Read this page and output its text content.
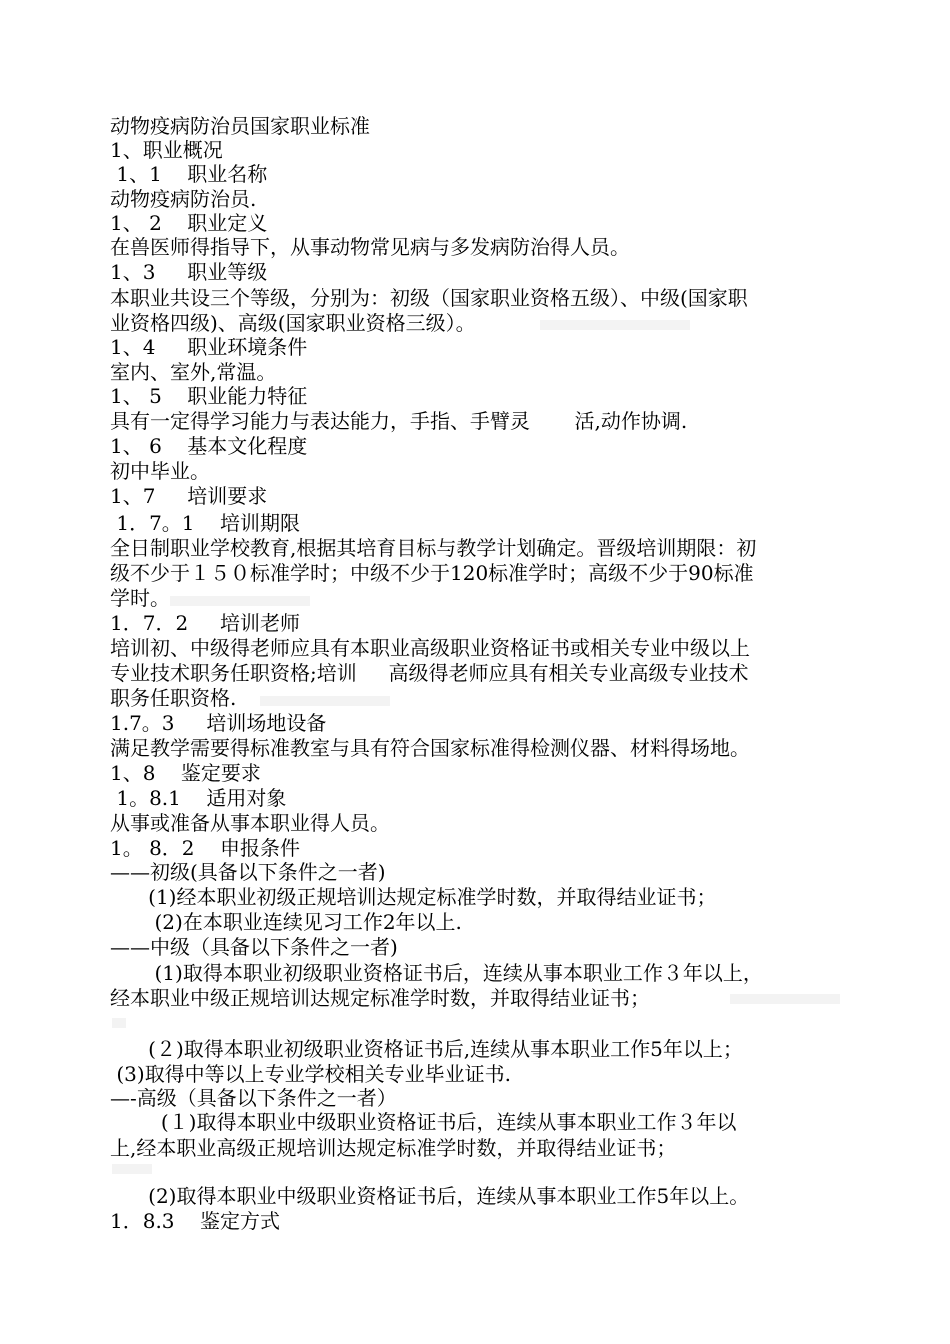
动物疫病防治员国家职业标准
1、职业概况
1、1    职业名称
动物疫病防治员.
1、 2    职业定义
在兽医师得指导下，从事动物常见病与多发病防治得人员。
1、3     职业等级
本职业共设三个等级，分别为：初级（国家职业资格五级）、中级(国家职
业资格四级)、高级(国家职业资格三级）。
1、4     职业环境条件
室内、室外,常温。
1、 5    职业能力特征
具有一定得学习能力与表达能力，手指、手臂灵       活,动作协调.
1、 6    基本文化程度
初中毕业。
1、7     培训要求
1．7。1    培训期限
全日制职业学校教育,根据其培育目标与教学计划确定。晋级培训期限：初
级不少于１５０标准学时；中级不少于120标准学时；高级不少于90标准
学时。
1．7．2     培训老师
培训初、中级得老师应具有本职业高级职业资格证书或相关专业中级以上
专业技术职务任职资格;培训     高级得老师应具有相关专业高级专业技术
职务任职资格.
1.7。3     培训场地设备
满足教学需要得标准教室与具有符合国家标准得检测仪器、材料得场地。
1、8    鉴定要求
1。8.1    适用对象
从事或准备从事本职业得人员。
1。 8．2    申报条件
——初级(具备以下条件之一者)
(1)经本职业初级正规培训达规定标准学时数，并取得结业证书；
(2)在本职业连续见习工作2年以上.
——中级（具备以下条件之一者)
(1)取得本职业初级职业资格证书后，连续从事本职业工作３年以上，
经本职业中级正规培训达规定标准学时数，并取得结业证书；
(２)取得本职业初级职业资格证书后,连续从事本职业工作5年以上；
(3)取得中等以上专业学校相关专业毕业证书.
—-高级（具备以下条件之一者）
(１)取得本职业中级职业资格证书后，连续从事本职业工作３年以
上,经本职业高级正规培训达规定标准学时数，并取得结业证书；
(2)取得本职业中级职业资格证书后，连续从事本职业工作5年以上。
1．8.3    鉴定方式
